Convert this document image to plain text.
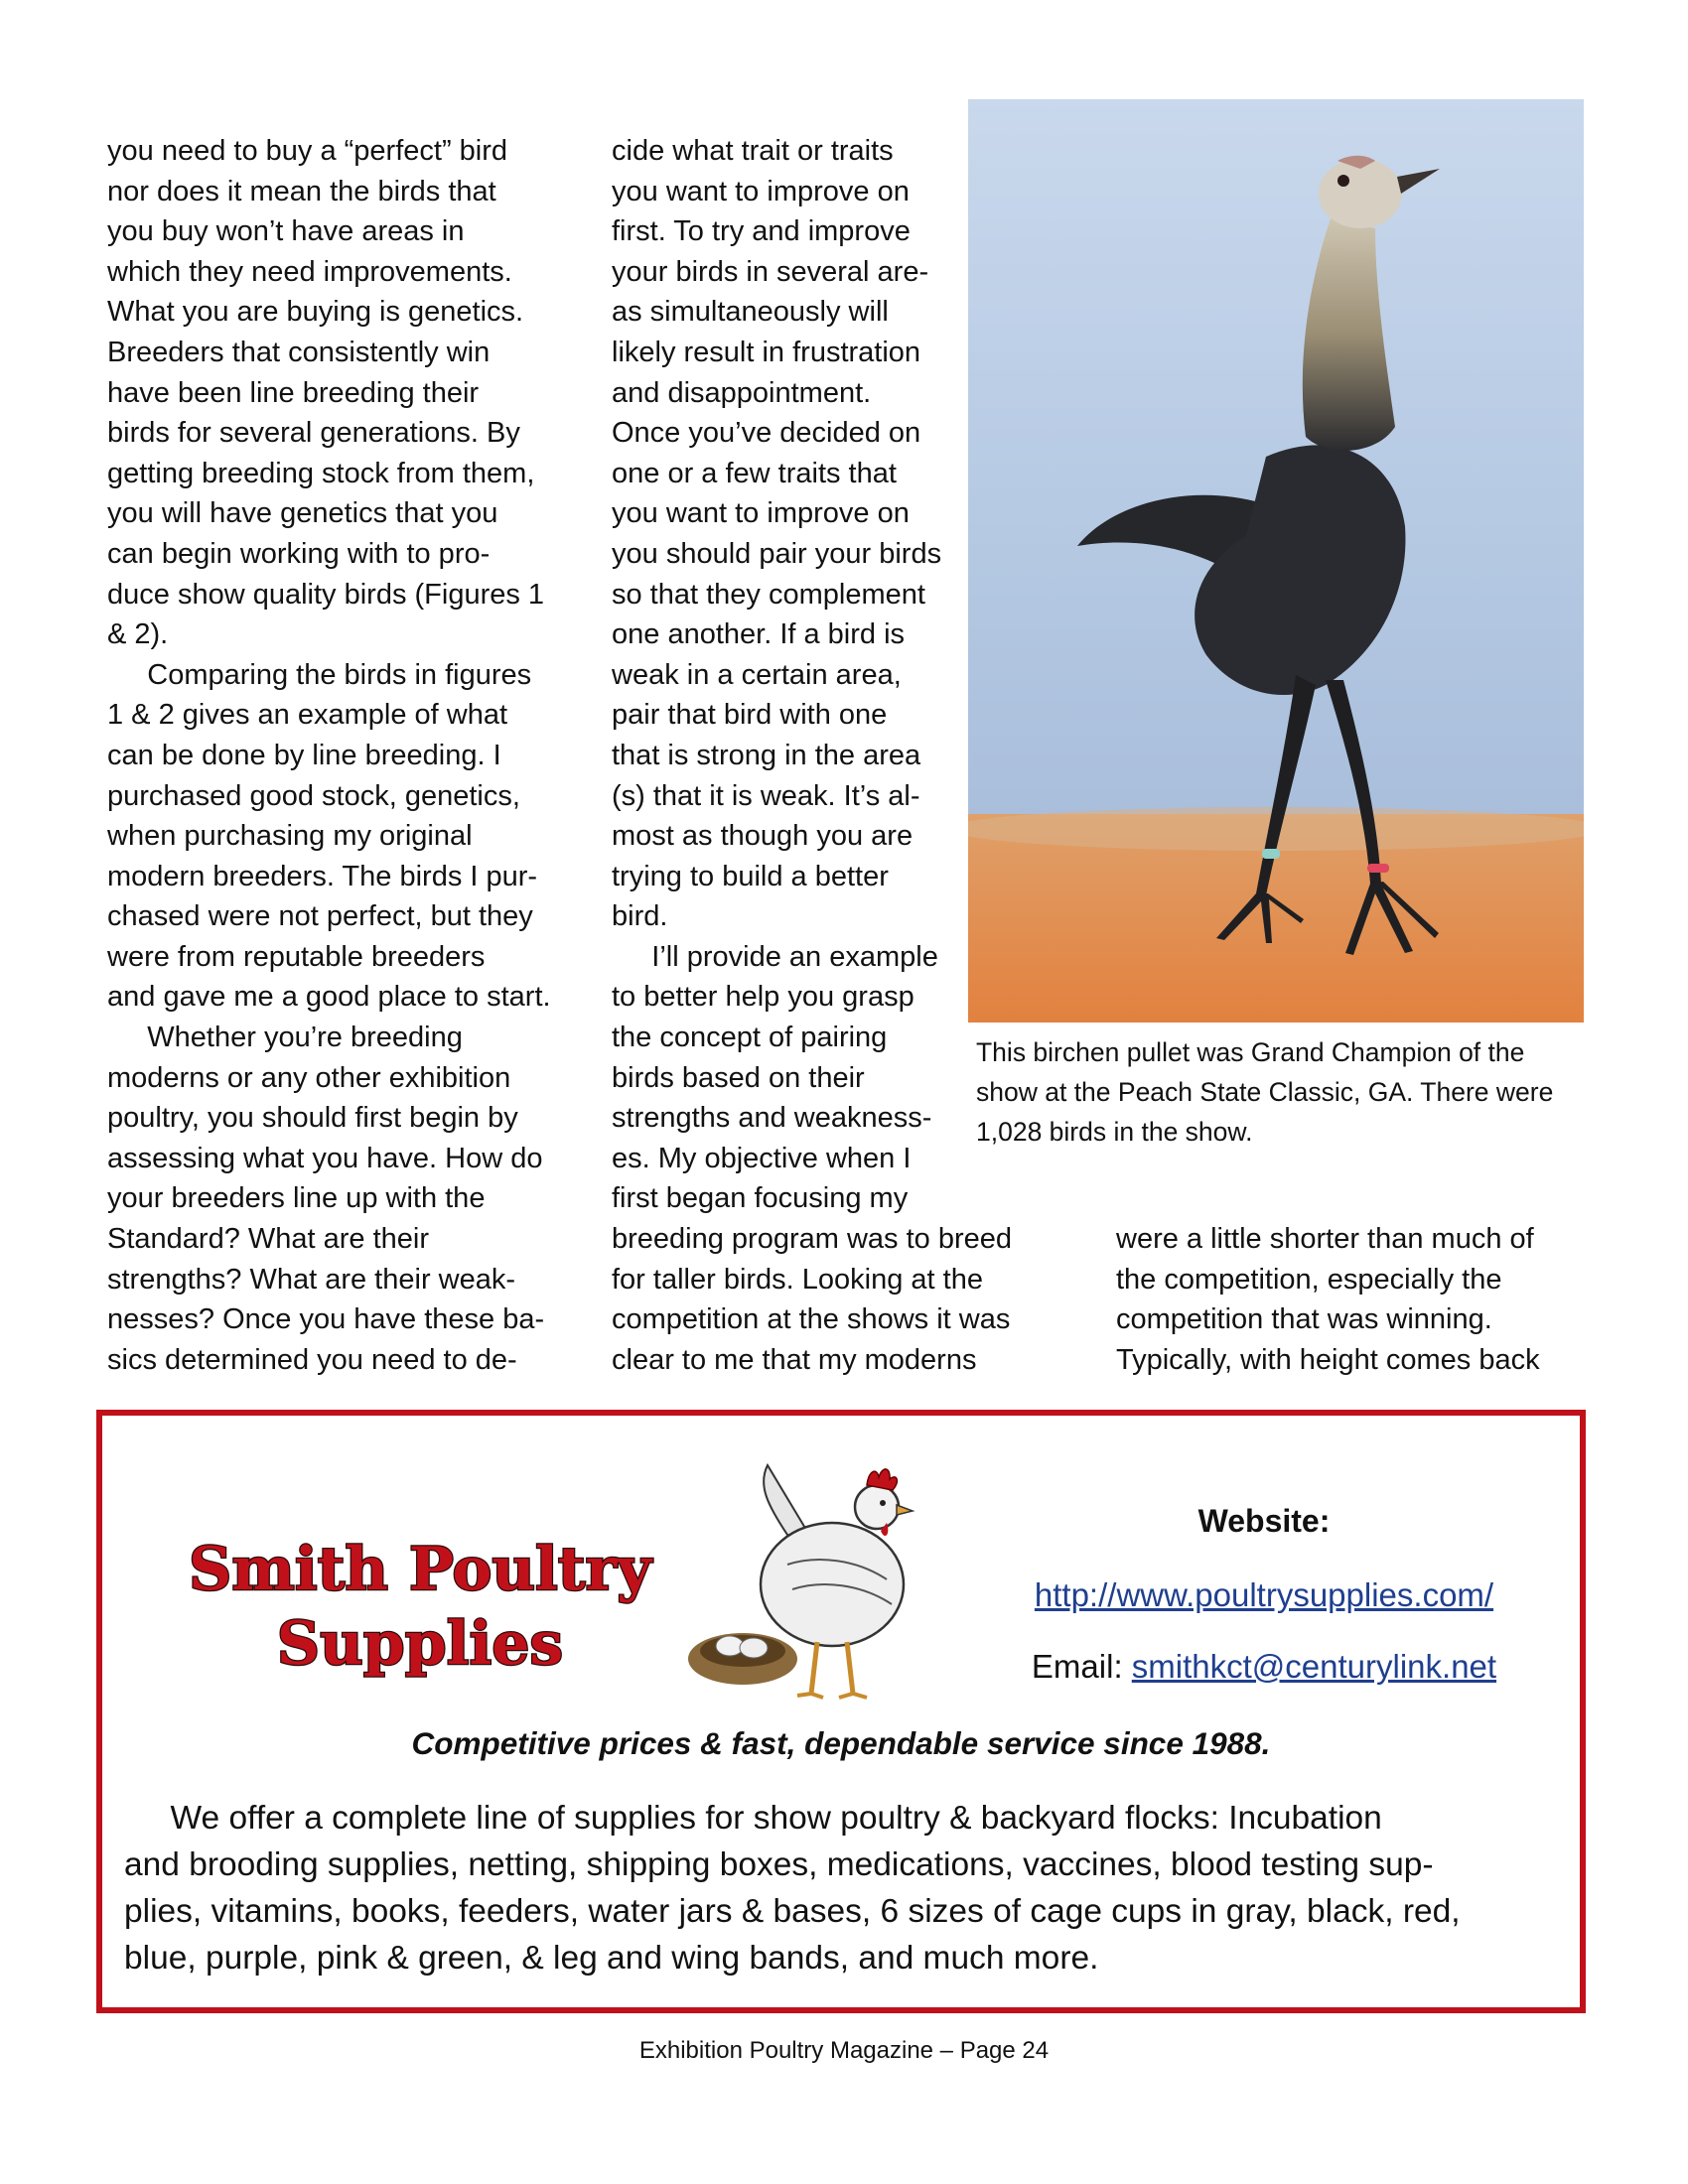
you need to buy a “perfect” bird
nor does it mean the birds that
you buy won’t have areas in
which they need improvements.
What you are buying is genetics.
Breeders that consistently win
have been line breeding their
birds for several generations. By
getting breeding stock from them,
you will have genetics that you
can begin working with to pro-
duce show quality birds (Figures 1
& 2).
Comparing the birds in figures
1 & 2 gives an example of what
can be done by line breeding. I
purchased good stock, genetics,
when purchasing my original
modern breeders. The birds I pur-
chased were not perfect, but they
were from reputable breeders
and gave me a good place to start.
Whether you’re breeding
moderns or any other exhibition
poultry, you should first begin by
assessing what you have. How do
your breeders line up with the
Standard? What are their
strengths? What are their weak-
nesses? Once you have these ba-
sics determined you need to de-
cide what trait or traits
you want to improve on
first. To try and improve
your birds in several are-
as simultaneously will
likely result in frustration
and disappointment.
Once you’ve decided on
one or a few traits that
you want to improve on
you should pair your birds
so that they complement
one another. If a bird is
weak in a certain area,
pair that bird with one
that is strong in the area
(s) that it is weak. It’s al-
most as though you are
trying to build a better
bird.
I’ll provide an example
to better help you grasp
the concept of pairing
birds based on their
strengths and weakness-
es. My objective when I
first began focusing my
breeding program was to breed
for taller birds. Looking at the
competition at the shows it was
clear to me that my moderns
were a little shorter than much of
the competition, especially the
competition that was winning.
Typically, with height comes back
This birchen pullet was Grand Champion of the
show at the Peach State Classic, GA. There were
1,028 birds in the show.
Smith Poultry
Supplies
Website:
http://www.poultrysupplies.com/
Email: smithkct@centurylink.net
Competitive prices & fast, dependable service since 1988.
We offer a complete line of supplies for show poultry & backyard flocks: Incubation
and brooding supplies, netting, shipping boxes, medications, vaccines, blood testing sup-
plies, vitamins, books, feeders, water jars & bases, 6 sizes of cage cups in gray, black, red,
blue, purple, pink & green, & leg and wing bands, and much more.
Exhibition Poultry Magazine – Page 24
